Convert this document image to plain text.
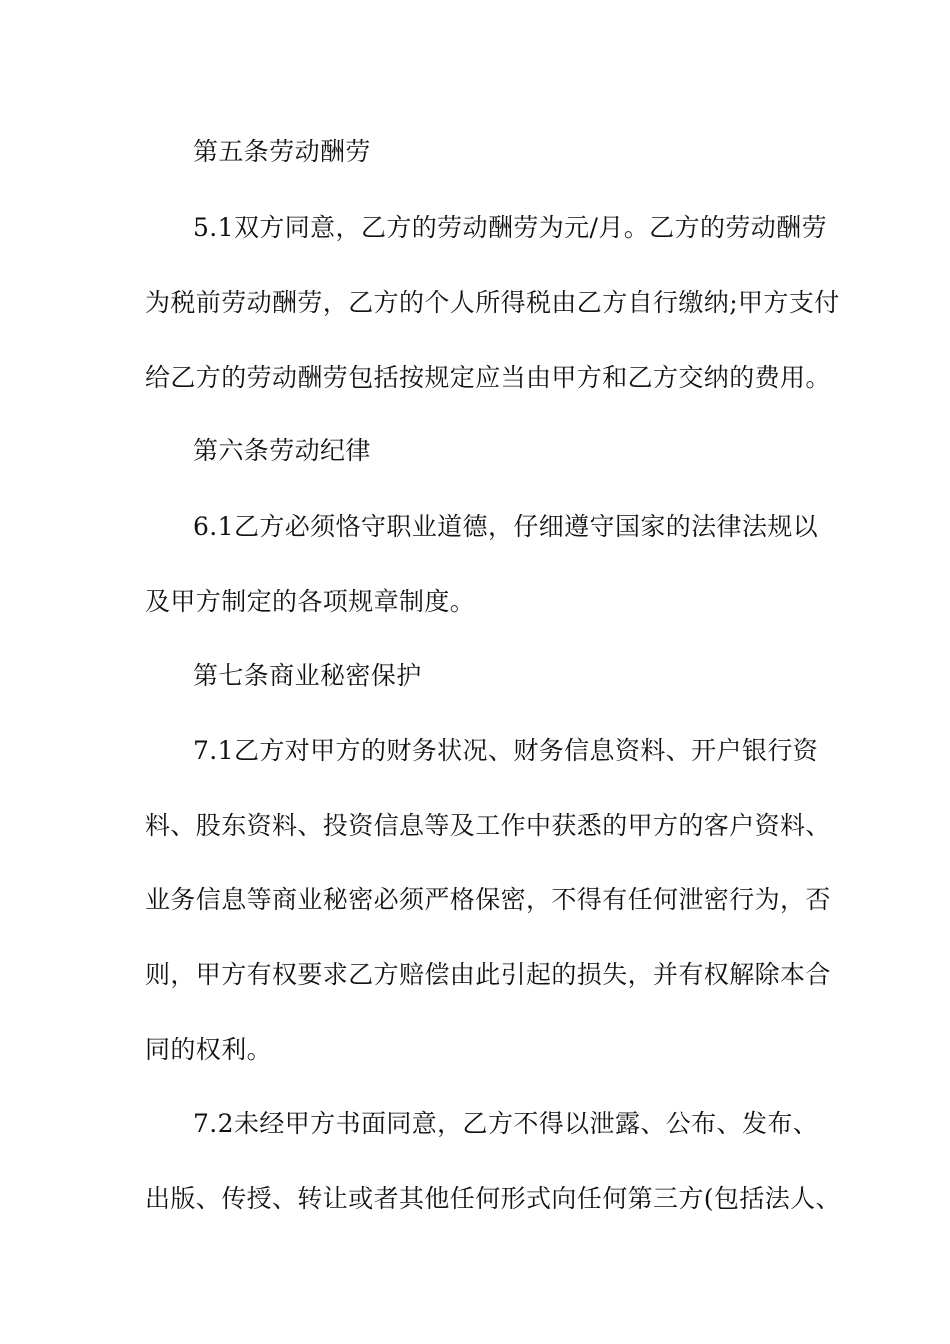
第五条劳动酬劳
5.1双方同意，乙方的劳动酬劳为元/月。乙方的劳动酬劳
为税前劳动酬劳，乙方的个人所得税由乙方自行缴纳;甲方支付
给乙方的劳动酬劳包括按规定应当由甲方和乙方交纳的费用。
第六条劳动纪律
6.1乙方必须恪守职业道德，仔细遵守国家的法律法规以
及甲方制定的各项规章制度。
第七条商业秘密保护
7.1乙方对甲方的财务状况、财务信息资料、开户银行资
料、股东资料、投资信息等及工作中获悉的甲方的客户资料、
业务信息等商业秘密必须严格保密，不得有任何泄密行为，否
则，甲方有权要求乙方赔偿由此引起的损失，并有权解除本合
同的权利。
7.2未经甲方书面同意，乙方不得以泄露、公布、发布、
出版、传授、转让或者其他任何形式向任何第三方(包括法人、
